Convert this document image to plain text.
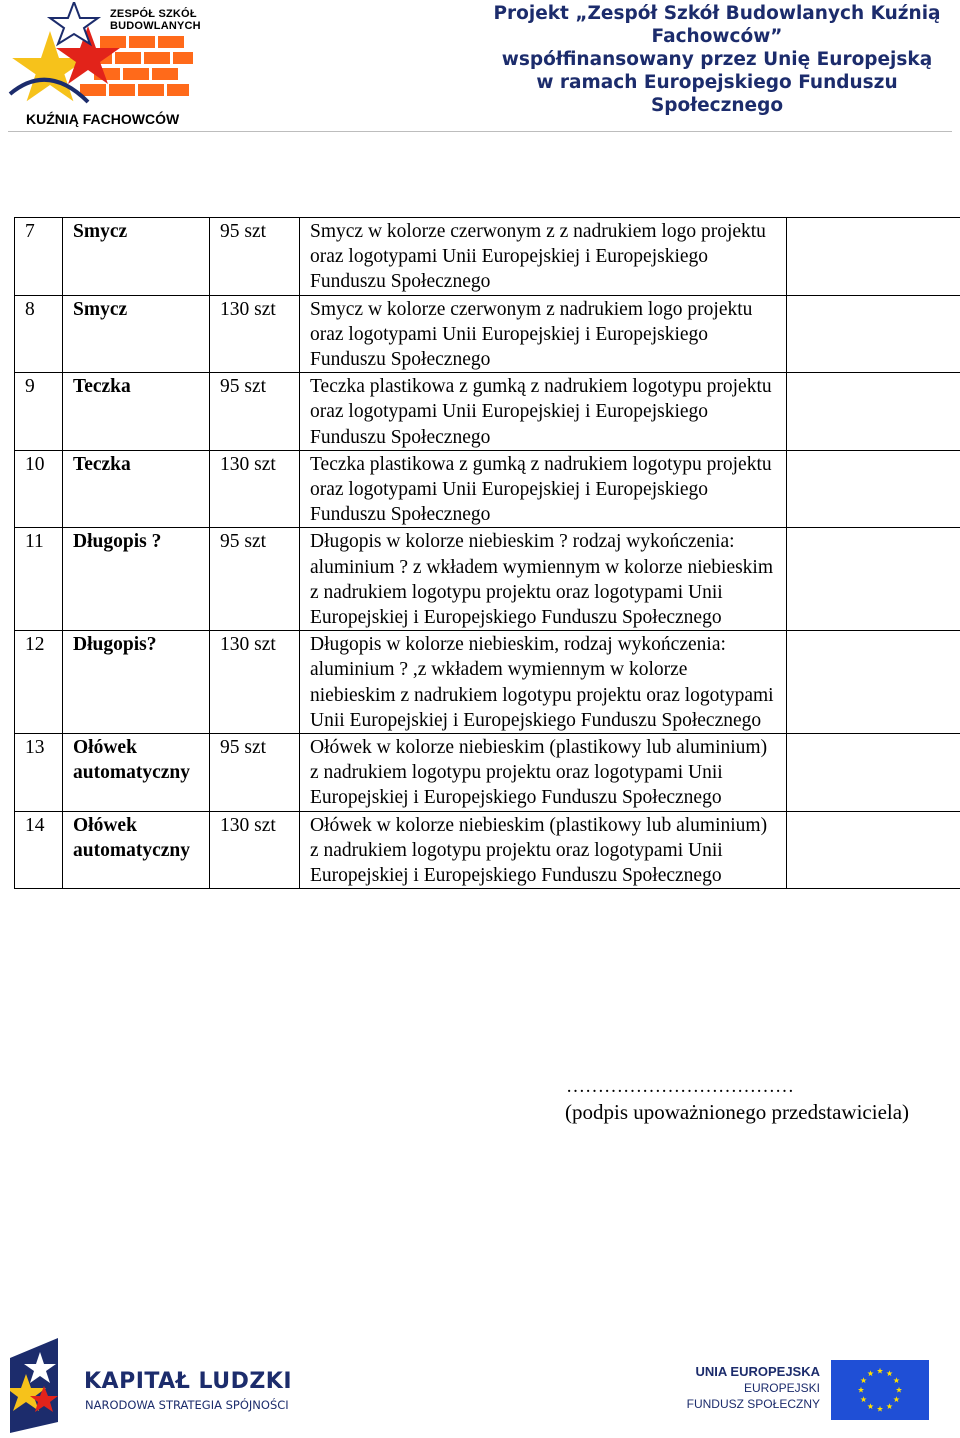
ZESPÓŁ SZKÓŁ
BUDOWLANYCH
KUŹNIĄ FACHOWCÓW
Projekt „Zespół Szkół Budowlanych Kuźnią
Fachowców”
współfinansowany przez Unię Europejską
w ramach Europejskiego Funduszu
Społecznego
7	Smycz	95 szt	Smycz w kolorze czerwonym z z nadrukiem logo projektu oraz logotypami Unii Europejskiej i Europejskiego Funduszu Społecznego	
8	Smycz	130 szt	Smycz w kolorze czerwonym z nadrukiem logo projektu oraz logotypami Unii Europejskiej i Europejskiego Funduszu Społecznego	
9	Teczka	95 szt	Teczka plastikowa z gumką z nadrukiem logotypu projektu oraz logotypami Unii Europejskiej i Europejskiego Funduszu Społecznego	
10	Teczka	130 szt	Teczka plastikowa z gumką z nadrukiem logotypu projektu oraz logotypami Unii Europejskiej i Europejskiego Funduszu Społecznego	
11	Długopis ?	95 szt	Długopis w kolorze niebieskim ? rodzaj wykończenia: aluminium ? z wkładem wymiennym w kolorze niebieskim z nadrukiem logotypu projektu oraz logotypami Unii Europejskiej i Europejskiego Funduszu Społecznego	
12	Długopis?	130 szt	Długopis w kolorze niebieskim, rodzaj wykończenia: aluminium ? ,z wkładem wymiennym w kolorze niebieskim z nadrukiem logotypu projektu oraz logotypami Unii Europejskiej i Europejskiego Funduszu Społecznego	
13	Ołówek automatyczny	95 szt	Ołówek w kolorze niebieskim (plastikowy lub aluminium) z nadrukiem logotypu projektu oraz logotypami Unii Europejskiej i Europejskiego Funduszu Społecznego	
14	Ołówek automatyczny	130 szt	Ołówek w kolorze niebieskim (plastikowy lub aluminium) z nadrukiem logotypu projektu oraz logotypami Unii Europejskiej i Europejskiego Funduszu Społecznego	
………………………………
(podpis upoważnionego przedstawiciela)
KAPITAŁ LUDZKI
NARODOWA STRATEGIA SPÓJNOŚCI
UNIA EUROPEJSKA
EUROPEJSKI
FUNDUSZ SPOŁECZNY
